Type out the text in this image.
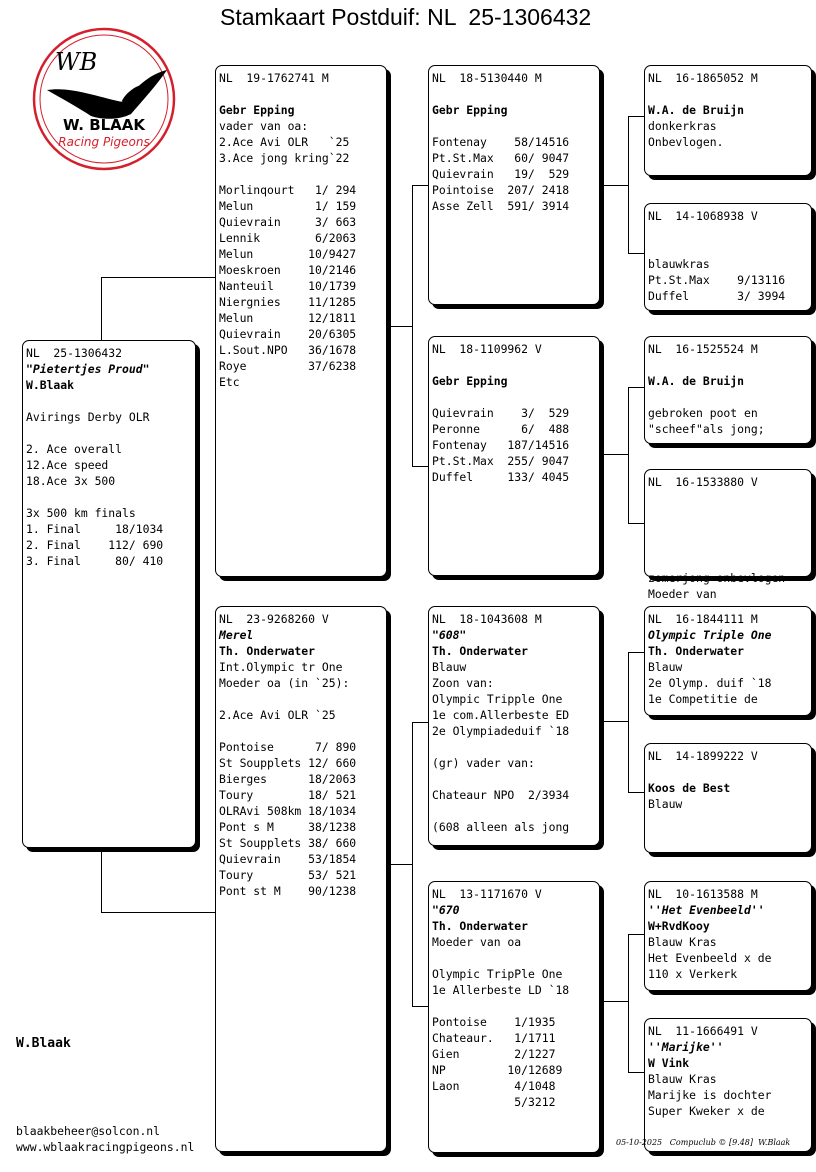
Stamkaart Postduif: NL  25-1306432
WB
W. BLAAK
Racing Pigeons
NL  25-1306432
"Pietertjes Proud"
W.Blaak
Avirings Derby OLR
2. Ace overall
12.Ace speed
18.Ace 3x 500
3x 500 km finals
1. Final     18/1034
2. Final    112/ 690
3. Final     80/ 410
NL  19-1762741 M
Gebr Epping
vader van oa:
2.Ace Avi OLR   `25
3.Ace jong kring`22
Morlinqourt   1/ 294
Melun         1/ 159
Quievrain     3/ 663
Lennik        6/2063
Melun        10/9427
Moeskroen    10/2146
Nanteuil     10/1739
Niergnies    11/1285
Melun        12/1811
Quievrain    20/6305
L.Sout.NPO   36/1678
Roye         37/6238
Etc
NL  23-9268260 V
Merel
Th. Onderwater
Int.Olympic tr One
Moeder oa (in `25):
2.Ace Avi OLR `25
Pontoise      7/ 890
St Soupplets 12/ 660
Bierges      18/2063
Toury        18/ 521
OLRAvi 508km 18/1034
Pont s M     38/1238
St Soupplets 38/ 660
Quievrain    53/1854
Toury        53/ 521
Pont st M    90/1238
NL  18-5130440 M
Gebr Epping
Fontenay    58/14516
Pt.St.Max   60/ 9047
Quievrain   19/  529
Pointoise  207/ 2418
Asse Zell  591/ 3914
NL  18-1109962 V
Gebr Epping
Quievrain    3/  529
Peronne      6/  488
Fontenay   187/14516
Pt.St.Max  255/ 9047
Duffel     133/ 4045
NL  18-1043608 M
"608"
Th. Onderwater
Blauw
Zoon van:
Olympic Tripple One
1e com.Allerbeste ED
2e Olympiadeduif `18
(gr) vader van:
Chateaur NPO  2/3934
(608 alleen als jong
NL  13-1171670 V
"670
Th. Onderwater
Moeder van oa
Olympic TripPle One
1e Allerbeste LD `18
Pontoise    1/1935
Chateaur.   1/1711
Gien        2/1227
NP         10/12689
Laon        4/1048
5/3212
NL  16-1865052 M
W.A. de Bruijn
donkerkras
Onbevlogen.
NL  14-1068938 V
blauwkras
Pt.St.Max    9/13116
Duffel       3/ 3994
NL  16-1525524 M
W.A. de Bruijn
gebroken poot en
"scheef"als jong;
NL  16-1533880 V
zomerjong onbevlogen
Moeder van
NL  16-1844111 M
Olympic Triple One
Th. Onderwater
Blauw
2e Olymp. duif `18
1e Competitie de
NL  14-1899222 V
Koos de Best
Blauw
NL  10-1613588 M
''Het Evenbeeld''
W+RvdKooy
Blauw Kras
Het Evenbeeld x de
110 x Verkerk
NL  11-1666491 V
''Marijke''
W Vink
Blauw Kras
Marijke is dochter
Super Kweker x de
W.Blaak
blaakbeheer@solcon.nl
www.wblaakracingpigeons.nl	05-10-2025   Compuclub © [9.48]  W.Blaak
